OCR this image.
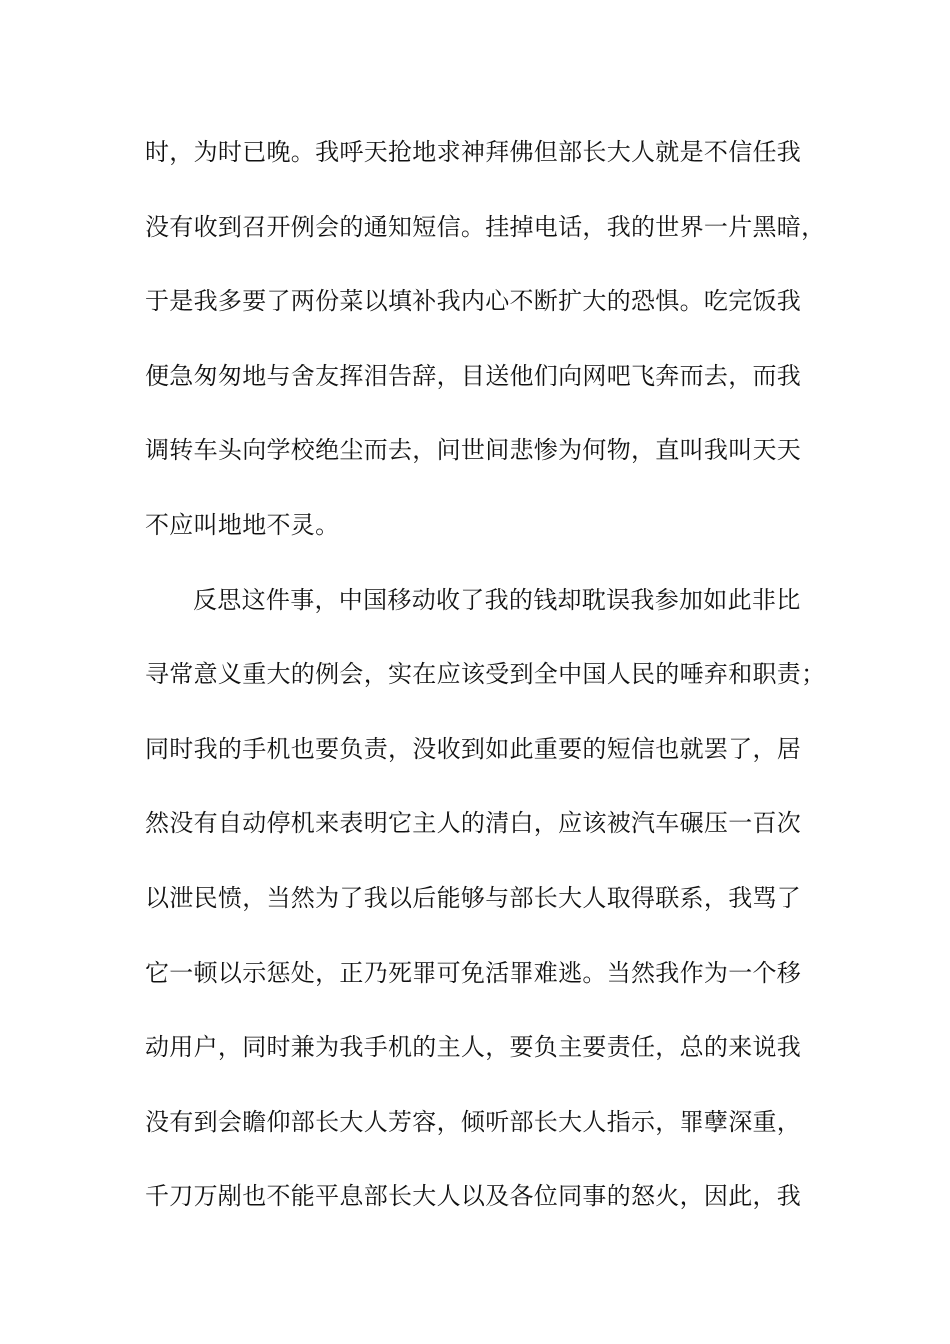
时，为时已晚。我呼天抢地求神拜佛但部长大人就是不信任我
没有收到召开例会的通知短信。挂掉电话，我的世界一片黑暗，
于是我多要了两份菜以填补我内心不断扩大的恐惧。吃完饭我
便急匆匆地与舍友挥泪告辞，目送他们向网吧飞奔而去，而我
调转车头向学校绝尘而去，问世间悲惨为何物，直叫我叫天天
不应叫地地不灵。
反思这件事，中国移动收了我的钱却耽误我参加如此非比
寻常意义重大的例会，实在应该受到全中国人民的唾弃和职责；
同时我的手机也要负责，没收到如此重要的短信也就罢了，居
然没有自动停机来表明它主人的清白，应该被汽车碾压一百次
以泄民愤，当然为了我以后能够与部长大人取得联系，我骂了
它一顿以示惩处，正乃死罪可免活罪难逃。当然我作为一个移
动用户，同时兼为我手机的主人，要负主要责任，总的来说我
没有到会瞻仰部长大人芳容，倾听部长大人指示，罪孽深重，
千刀万剐也不能平息部长大人以及各位同事的怒火，因此，我
